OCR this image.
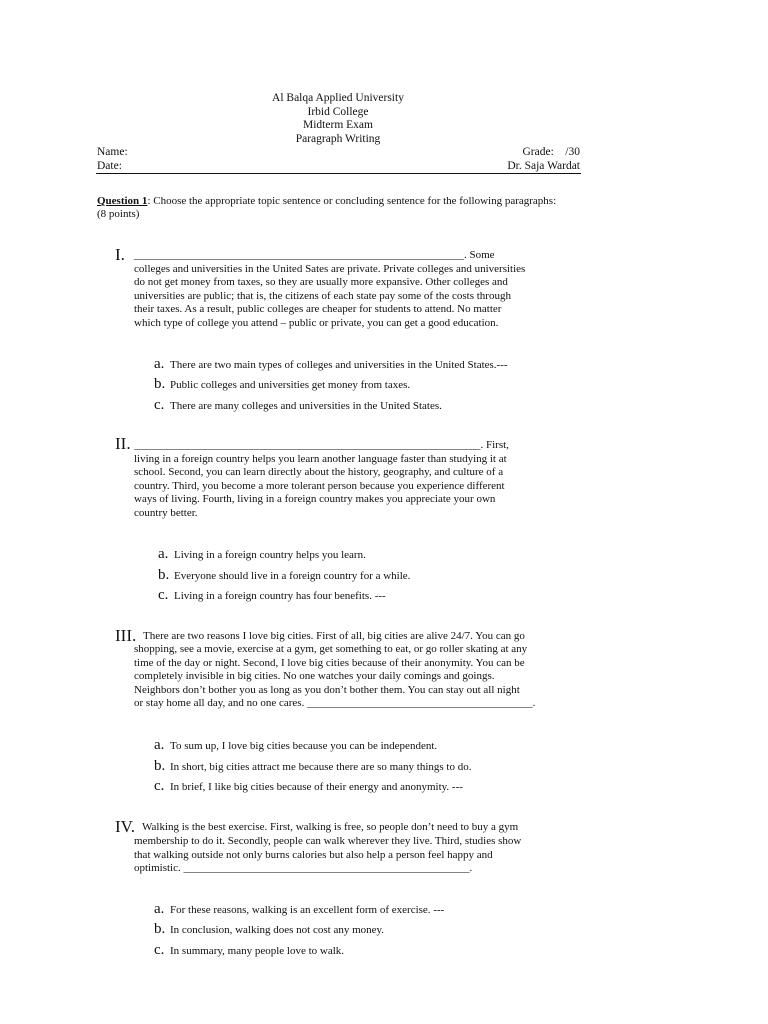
Al Balqa Applied University
Irbid College
Midterm Exam
Paragraph Writing
Name:	Grade: /30
Date:	Dr. Saja Wardat
Question 1: Choose the appropriate topic sentence or concluding sentence for the following paragraphs: (8 points)
I. ____________________________________________________________. Some
colleges and universities in the United Sates are private. Private colleges and universities
do not get money from taxes, so they are usually more expansive. Other colleges and
universities are public; that is, the citizens of each state pay some of the costs through
their taxes. As a result, public colleges are cheaper for students to attend. No matter
which type of college you attend – public or private, you can get a good education.
a. There are two main types of colleges and universities in the United States.---
b. Public colleges and universities get money from taxes.
c. There are many colleges and universities in the United States.
II. _______________________________________________________________. First,
living in a foreign country helps you learn another language faster than studying it at
school. Second, you can learn directly about the history, geography, and culture of a
country. Third, you become a more tolerant person because you experience different
ways of living. Fourth, living in a foreign country makes you appreciate your own
country better.
a. Living in a foreign country helps you learn.
b. Everyone should live in a foreign country for a while.
c. Living in a foreign country has four benefits. ---
III. There are two reasons I love big cities. First of all, big cities are alive 24/7. You can go
shopping, see a movie, exercise at a gym, get something to eat, or go roller skating at any
time of the day or night. Second, I love big cities because of their anonymity. You can be
completely invisible in big cities. No one watches your daily comings and goings.
Neighbors don’t bother you as long as you don’t bother them. You can stay out all night
or stay home all day, and no one cares. _________________________________________.
a. To sum up, I love big cities because you can be independent.
b. In short, big cities attract me because there are so many things to do.
c. In brief, I like big cities because of their energy and anonymity. ---
IV. Walking is the best exercise. First, walking is free, so people don’t need to buy a gym
membership to do it. Secondly, people can walk wherever they live. Third, studies show
that walking outside not only burns calories but also help a person feel happy and
optimistic. ____________________________________________________.
a. For these reasons, walking is an excellent form of exercise. ---
b. In conclusion, walking does not cost any money.
c. In summary, many people love to walk.
